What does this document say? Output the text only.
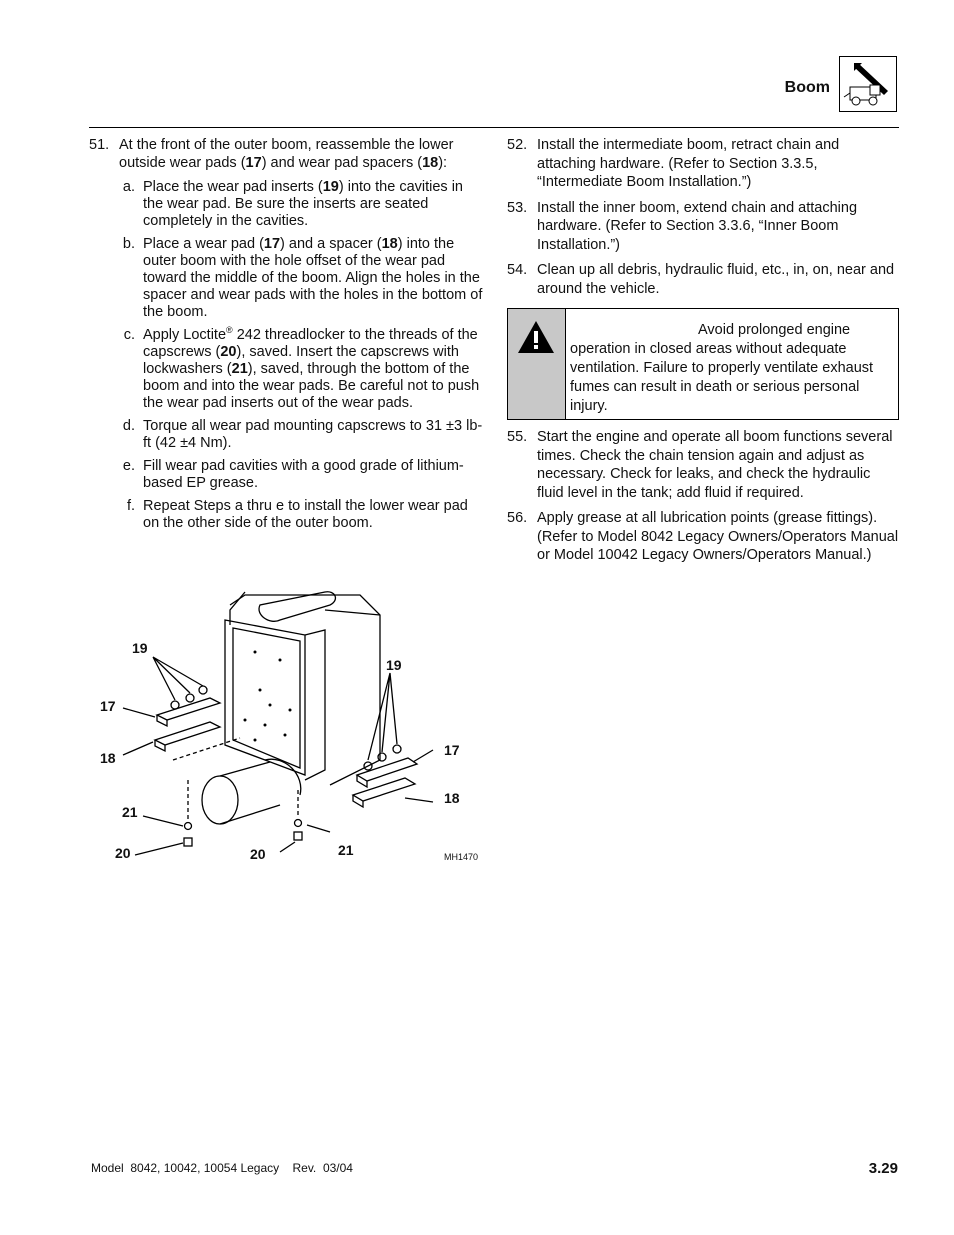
Boom
51. At the front of the outer boom, reassemble the lower outside wear pads (17) and wear pad spacers (18):
a. Place the wear pad inserts (19) into the cavities in the wear pad. Be sure the inserts are seated completely in the cavities.
b. Place a wear pad (17) and a spacer (18) into the outer boom with the hole offset of the wear pad toward the middle of the boom. Align the holes in the spacer and wear pads with the holes in the bottom of the boom.
c. Apply Loctite® 242 threadlocker to the threads of the capscrews (20), saved. Insert the capscrews with lockwashers (21), saved, through the bottom of the boom and into the wear pads. Be careful not to push the wear pad inserts out of the wear pads.
d. Torque all wear pad mounting capscrews to 31 ±3 lb-ft (42 ±4 Nm).
e. Fill wear pad cavities with a good grade of lithium-based EP grease.
f. Repeat Steps a thru e to install the lower wear pad on the other side of the outer boom.
19
17
18
21
20
19
17
18
21
20	MH1470
52. Install the intermediate boom, retract chain and attaching hardware. (Refer to Section 3.3.5, “Intermediate Boom Installation.”)
53. Install the inner boom, extend chain and attaching hardware. (Refer to Section 3.3.6, “Inner Boom Installation.”)
54. Clean up all debris, hydraulic fluid, etc., in, on, near and around the vehicle.
Avoid prolonged engine operation in closed areas without adequate ventilation. Failure to properly ventilate exhaust fumes can result in death or serious personal injury.
55. Start the engine and operate all boom functions several times. Check the chain tension again and adjust as necessary. Check for leaks, and check the hydraulic fluid level in the tank; add fluid if required.
56. Apply grease at all lubrication points (grease fittings). (Refer to Model 8042 Legacy Owners/Operators Manual or Model 10042 Legacy Owners/Operators Manual.)
Model  8042, 10042, 10054 Legacy    Rev.  03/04	3.29
